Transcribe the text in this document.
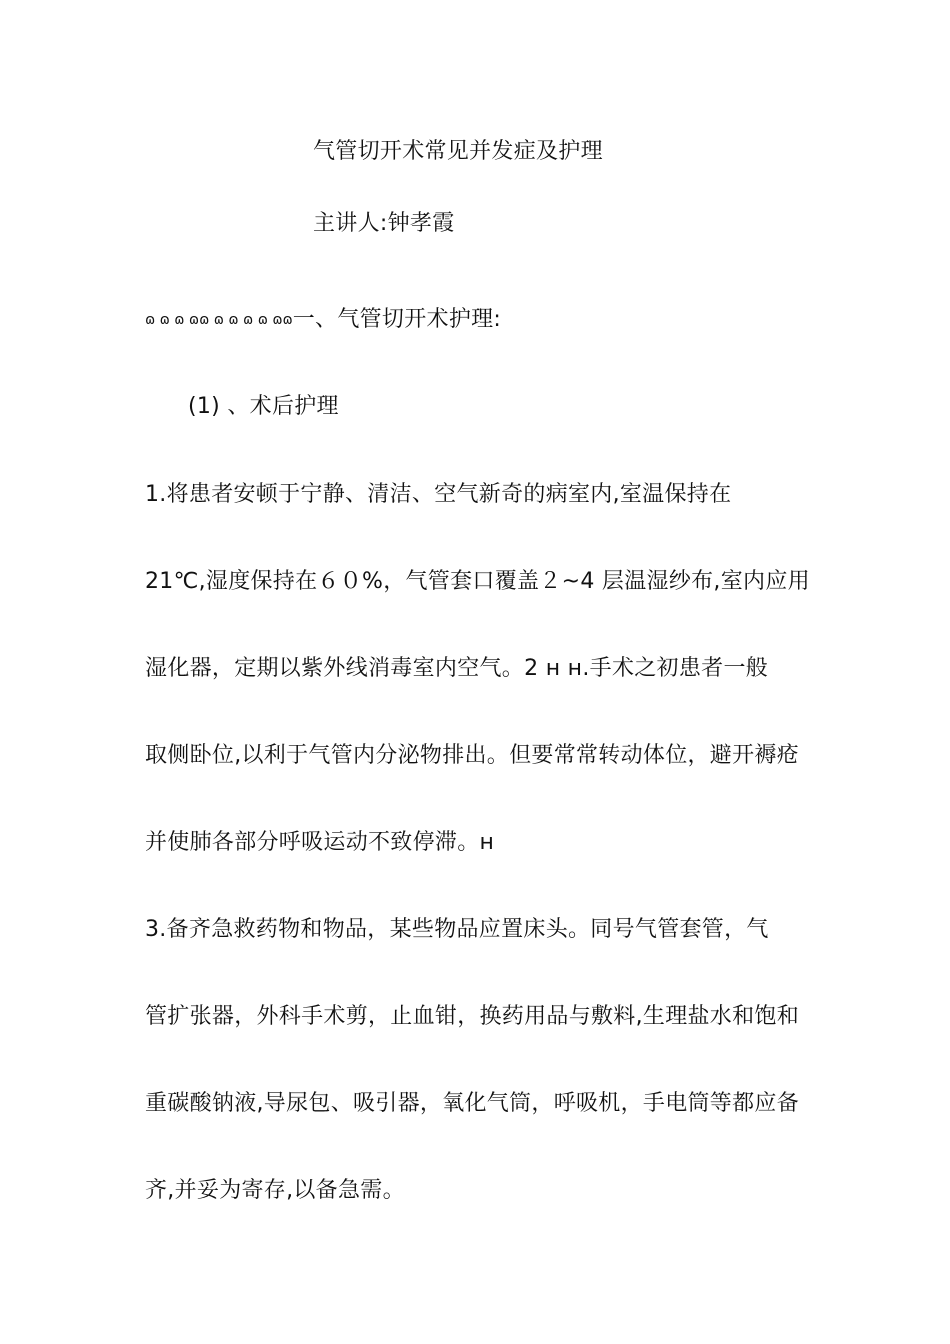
气管切开术常见并发症及护理
主讲人:钟孝霞
ɷ ɷ ɷ ɷɷ ɷ ɷ ɷ ɷ ɷɷ一、气管切开术护理:
(1) 、术后护理
1.将患者安顿于宁静、清洁、空气新奇的病室内,室温保持在
21℃,湿度保持在６０%，气管套口覆盖２~4 层温湿纱布,室内应用
湿化器，定期以紫外线消毒室内空气。2 ʜ ʜ.手术之初患者一般
取侧卧位,以利于气管内分泌物排出。但要常常转动体位，避开褥疮
并使肺各部分呼吸运动不致停滞。ʜ
3.备齐急救药物和物品，某些物品应置床头。同号气管套管，气
管扩张器，外科手术剪，止血钳，换药用品与敷料,生理盐水和饱和
重碳酸钠液,导尿包、吸引器，氧化气筒，呼吸机，手电筒等都应备
齐,并妥为寄存,以备急需。
